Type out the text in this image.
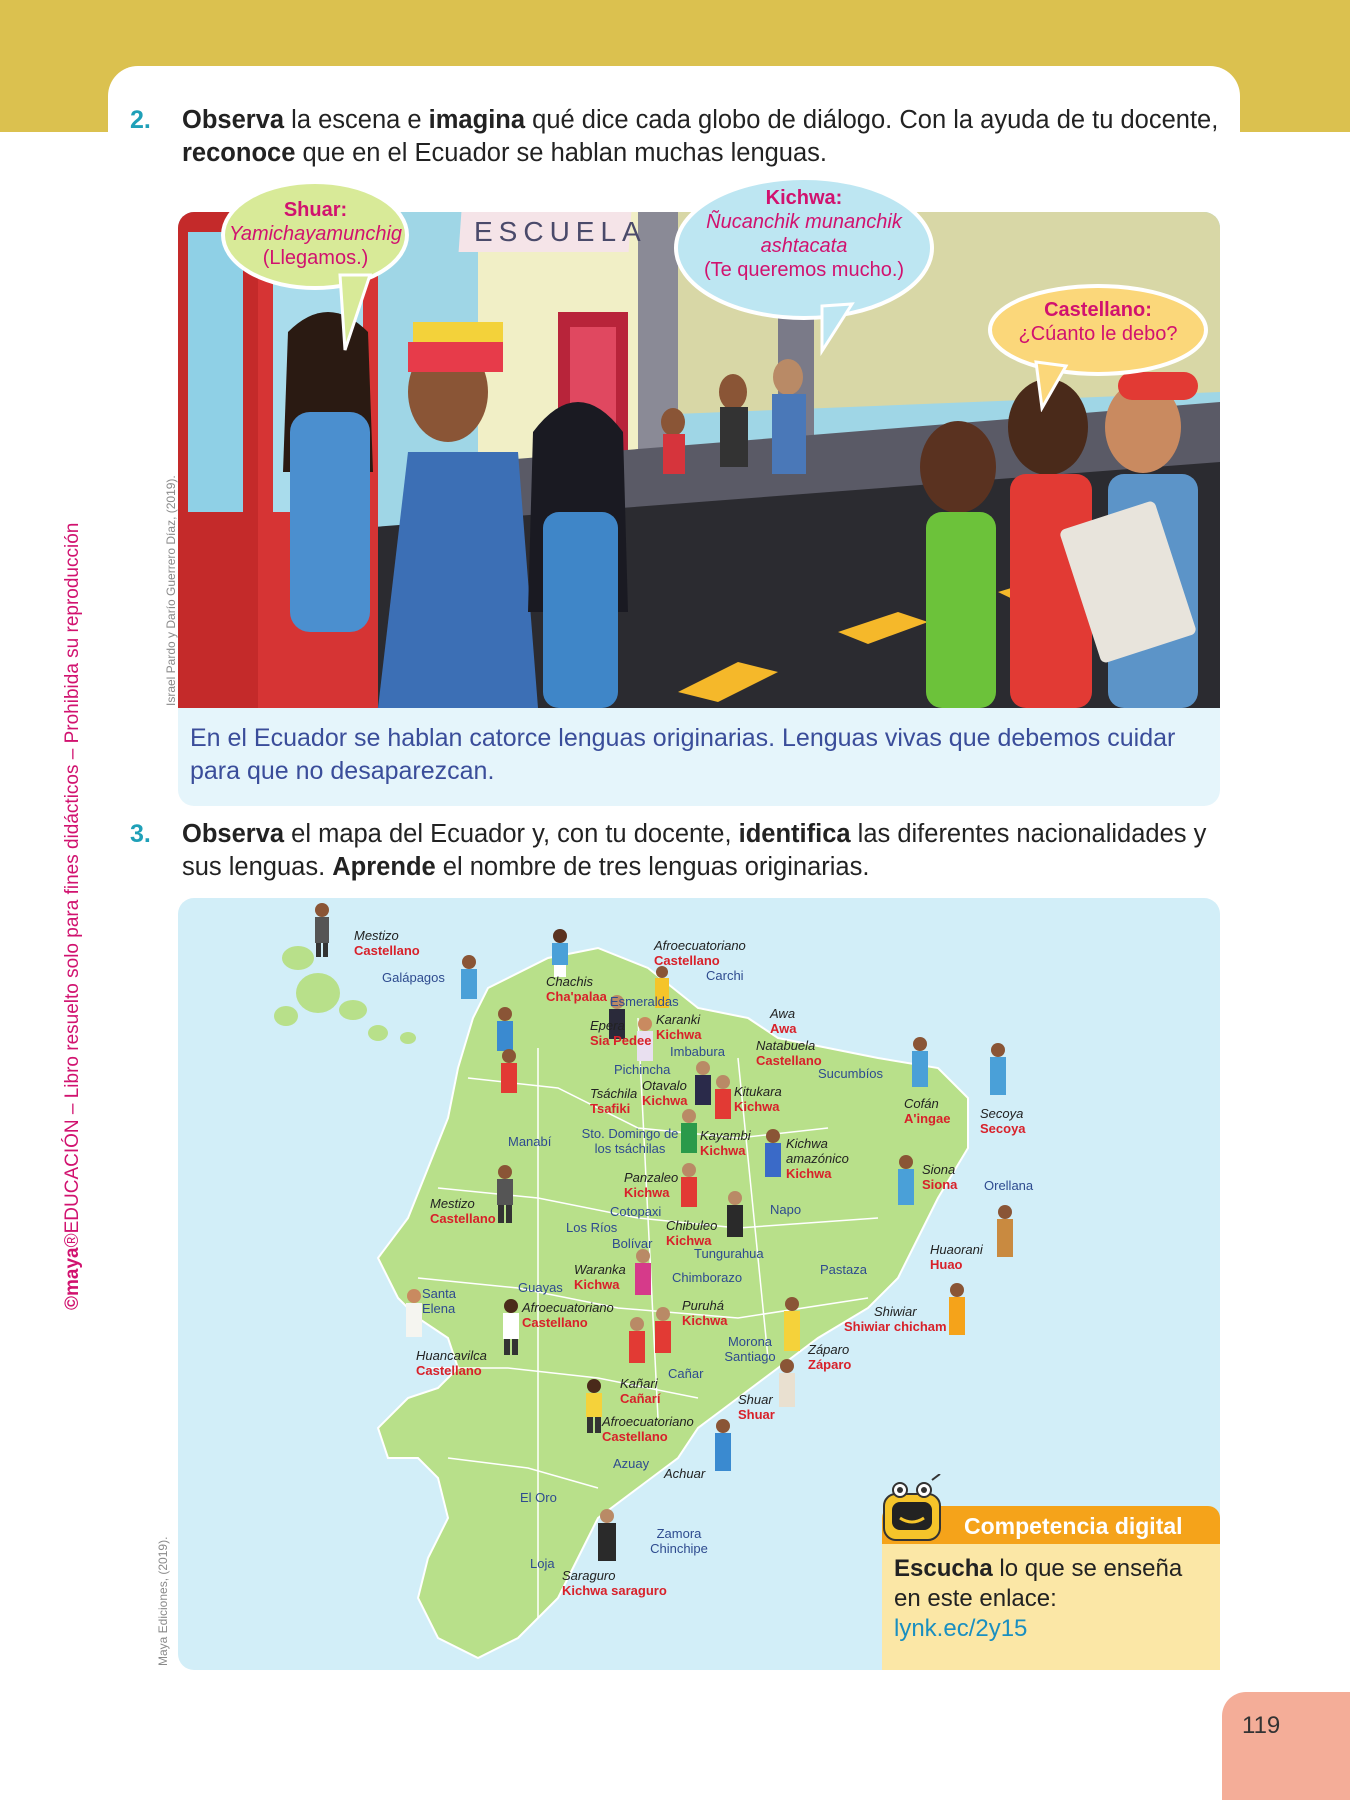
©maya®EDUCACIÓN – Libro resuelto solo para fines didácticos – Prohibida su reproducción	Israel Pardo y Darío Guerrero Díaz, (2019).
Maya Ediciones, (2019).
2. Observa la escena e imagina qué dice cada globo de diálogo. Con la ayuda de tu docente, reconoce que en el Ecuador se hablan muchas lenguas.
ESCUELA
Shuar:
Yamichayamunchig
(Llegamos.)
Kichwa:
Ñucanchik munanchik ashtacata
(Te queremos mucho.)
Castellano:
¿Cúanto le debo?

En el Ecuador se hablan catorce lenguas originarias. Lenguas vivas que debemos cuidar para que no desaparezcan.

3. Observa el mapa del Ecuador y, con tu docente, identifica las diferentes nacionalidades y sus lenguas. Aprende el nombre de tres lenguas originarias.
Galápagos	Carchi
Esmeraldas
Imbabura
Sucumbíos
Pichincha
Manabí
Sto. Domingo de los tsáchilas
Cotopaxi	Napo
Orellana
Los Ríos
Bolívar
Tungurahua
Santa Elena
Guayas
Chimborazo
Pastaza
Morona Santiago
Cañar
Azuay
El Oro
Loja
Zamora Chinchipe
Achuar
Mestizo
Castellano	Afroecuatoriano
Castellano
Chachis
Cha'palaa
Awa
Awa
Karanki
Kichwa
Epera
Sia Pedee	Natabuela
Castellano
Otavalo
Kichwa
Tsáchila
Tsafiki
Kitukara
Kichwa	Cofán
A'ingae Secoya
Secoya
Kayambi
Kichwa	Kichwa amazónico
Kichwa	Siona
Siona
Panzaleo
Kichwa
Mestizo
Castellano	Chibuleo
Kichwa
Huaorani
Huao
Waranka
Kichwa
Afroecuatoriano
Castellano
Puruhá
Kichwa
Shiwiar
Shiwiar chicham
Huancavilca
Castellano
Záparo
Záparo
Kañari
Cañarí	Shuar
Shuar
Afroecuatoriano
Castellano
Saraguro
Kichwa saraguro
Competencia digital

Escucha lo que se enseña en este enlace:
lynk.ec/2y15

119
